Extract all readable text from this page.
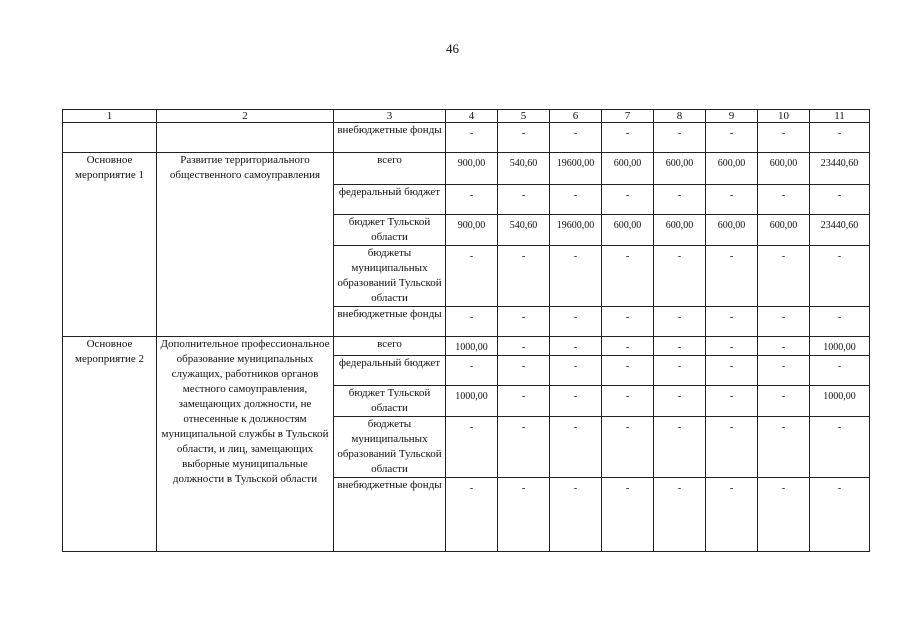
46
1	2	3	4	5	6	7	8	9	10	11
		внебюджетные фонды	-	-	-	-	-	-	-	-
Основное мероприятие 1	Развитие территориального общественного самоуправления	всего	900,00	540,60	19600,00	600,00	600,00	600,00	600,00	23440,60
		федеральный бюджет	-	-	-	-	-	-	-	-
		бюджет Тульской области	900,00	540,60	19600,00	600,00	600,00	600,00	600,00	23440,60
		бюджеты муниципальных образований Тульской области	-	-	-	-	-	-	-	-
		внебюджетные фонды	-	-	-	-	-	-	-	-
Основное мероприятие 2	Дополнительное профессиональное образование муниципальных служащих, работников органов местного самоуправления, замещающих должности, не отнесенные к должностям муниципальной службы в Тульской области, и лиц, замещающих выборные муниципальные должности в Тульской области	всего	1000,00	-	-	-	-	-	-	1000,00
		федеральный бюджет	-	-	-	-	-	-	-	-
		бюджет Тульской области	1000,00	-	-	-	-	-	-	1000,00
		бюджеты муниципальных образований Тульской области	-	-	-	-	-	-	-	-
		внебюджетные фонды	-	-	-	-	-	-	-	-
